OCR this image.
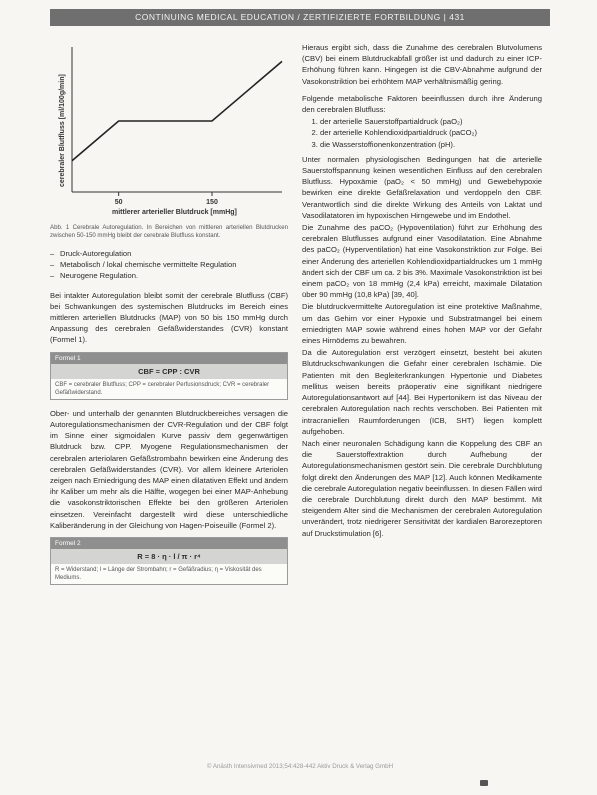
CONTINUING MEDICAL EDUCATION / ZERTIFIZIERTE FORTBILDUNG | 431
cerebraler Blutfluss [ml/100g/min]
mittlerer arterieller Blutdruck [mmHg]
50	150
Abb. 1 Cerebrale Autoregulation. In Bereichen von mittleren arteriellen Blutdrucken zwischen 50-150 mmHg bleibt der cerebrale Blutfluss konstant.
– Druck-Autoregulation
– Metabolisch / lokal chemische vermittelte Regulation
– Neurogene Regulation.

Bei intakter Autoregulation bleibt somit der cerebrale Blutfluss (CBF) bei Schwankungen des systemischen Blutdrucks im Bereich eines mittleren arteriellen Blutdrucks (MAP) von 50 bis 150 mmHg durch Anpassung des cerebralen Gefäßwiderstandes (CVR) konstant (Formel 1).

Formel 1
CBF = CPP : CVR
CBF = cerebraler Blutfluss; CPP = cerebraler Perfusionsdruck; CVR = cerebraler Gefäßwiderstand.

Ober- und unterhalb der genannten Blutdruckbereiches versagen die Autoregulationsmechanismen der CVR-Regulation und der CBF folgt im Sinne einer sigmoidalen Kurve passiv dem gegenwärtigen Blutdruck bzw. CPP. Myogene Regulationsmechanismen der cerebralen arteriolaren Gefäßstrombahn bewirken eine Änderung des cerebralen Gefäßwiderstandes (CVR). Vor allem kleinere Arteriolen zeigen nach Erniedrigung des MAP einen dilatativen Effekt und ändern ihr Kaliber um mehr als die Hälfte, wogegen bei einer MAP-Anhebung die vasokonstriktorischen Effekte bei den größeren Arteriolen einsetzen. Vereinfacht dargestellt wird diese unterschiedliche Kaliberänderung in der Gleichung von Hagen-Poiseuille (Formel 2).

Formel 2
R = 8 · η · l / π · r⁴
R = Widerstand; l = Länge der Strombahn; r = Gefäßradius; η = Viskosität des Mediums.

Hieraus ergibt sich, dass die Zunahme des cerebralen Blutvolumens (CBV) bei einem Blutdruckabfall größer ist und dadurch zu einer ICP-Erhöhung führen kann. Hingegen ist die CBV-Abnahme aufgrund der Vasokonstriktion bei erhöhtem MAP verhältnismäßig gering.

Folgende metabolische Faktoren beeinflussen durch ihre Änderung den cerebralen Blutfluss:

1. der arterielle Sauerstoffpartialdruck (paO₂)
2. der arterielle Kohlendioxidpartialdruck (paCO₂)
3. die Wasserstoffionenkonzentration (pH).

Unter normalen physiologischen Bedingungen hat die arterielle Sauerstoffspannung keinen wesentlichen Einfluss auf den cerebralen Blutfluss. Hypoxämie (paO₂ < 50 mmHg) und Gewebehypoxie bewirken eine direkte Gefäßrelaxation und verdoppeln den CBF. Verantwortlich sind die direkte Wirkung des Anteils von Laktat und Vasodilatatoren im hypoxischen Hirngewebe und im Endothel.

Die Zunahme des paCO₂ (Hypoventilation) führt zur Erhöhung des cerebralen Blutflusses aufgrund einer Vasodilatation. Eine Abnahme des paCO₂ (Hyperventilation) hat eine Vasokonstriktion zur Folge. Bei einer Änderung des arteriellen Kohlendioxidpartialdruckes um 1 mmHg ändert sich der CBF um ca. 2 bis 3%. Maximale Vasokonstriktion ist bei einem paCO₂ von 18 mmHg (2,4 kPa) erreicht, maximale Dilatation über 90 mmHg (10,8 kPa) [39, 40].

Die blutdruckvermittelte Autoregulation ist eine protektive Maßnahme, um das Gehirn vor einer Hypoxie und Substratmangel bei einem erniedrigten MAP sowie während eines hohen MAP vor der Gefahr eines Hirnödems zu bewahren.

Da die Autoregulation erst verzögert einsetzt, besteht bei akuten Blutdruckschwankungen die Gefahr einer cerebralen Ischämie. Die Patienten mit den Begleiterkrankungen Hypertonie und Diabetes mellitus weisen bereits präoperativ eine signifikant niedrigere Autoregulationsantwort auf [44]. Bei Hypertonikern ist das Niveau der cerebralen Autoregulation nach rechts verschoben. Bei Patienten mit intracraniellen Raumforderungen (ICB, SHT) liegen komplett aufgehoben.

Nach einer neuronalen Schädigung kann die Koppelung des CBF an die Sauerstoffextraktion durch Aufhebung der Autoregulationsmechanismen gestört sein. Die cerebrale Durchblutung folgt direkt den Änderungen des MAP [12]. Auch können Medikamente die cerebrale Autoregulation negativ beeinflussen. In diesen Fällen wird die cerebrale Durchblutung direkt durch den MAP bestimmt. Mit steigendem Alter sind die Mechanismen der cerebralen Autoregulation unverändert, trotz niedrigerer Sensitivität der kardialen Barorezeptoren auf Druckstimulation [6].

© Anästh Intensivmed 2013;54:428-442 Aktiv Druck & Verlag GmbH
